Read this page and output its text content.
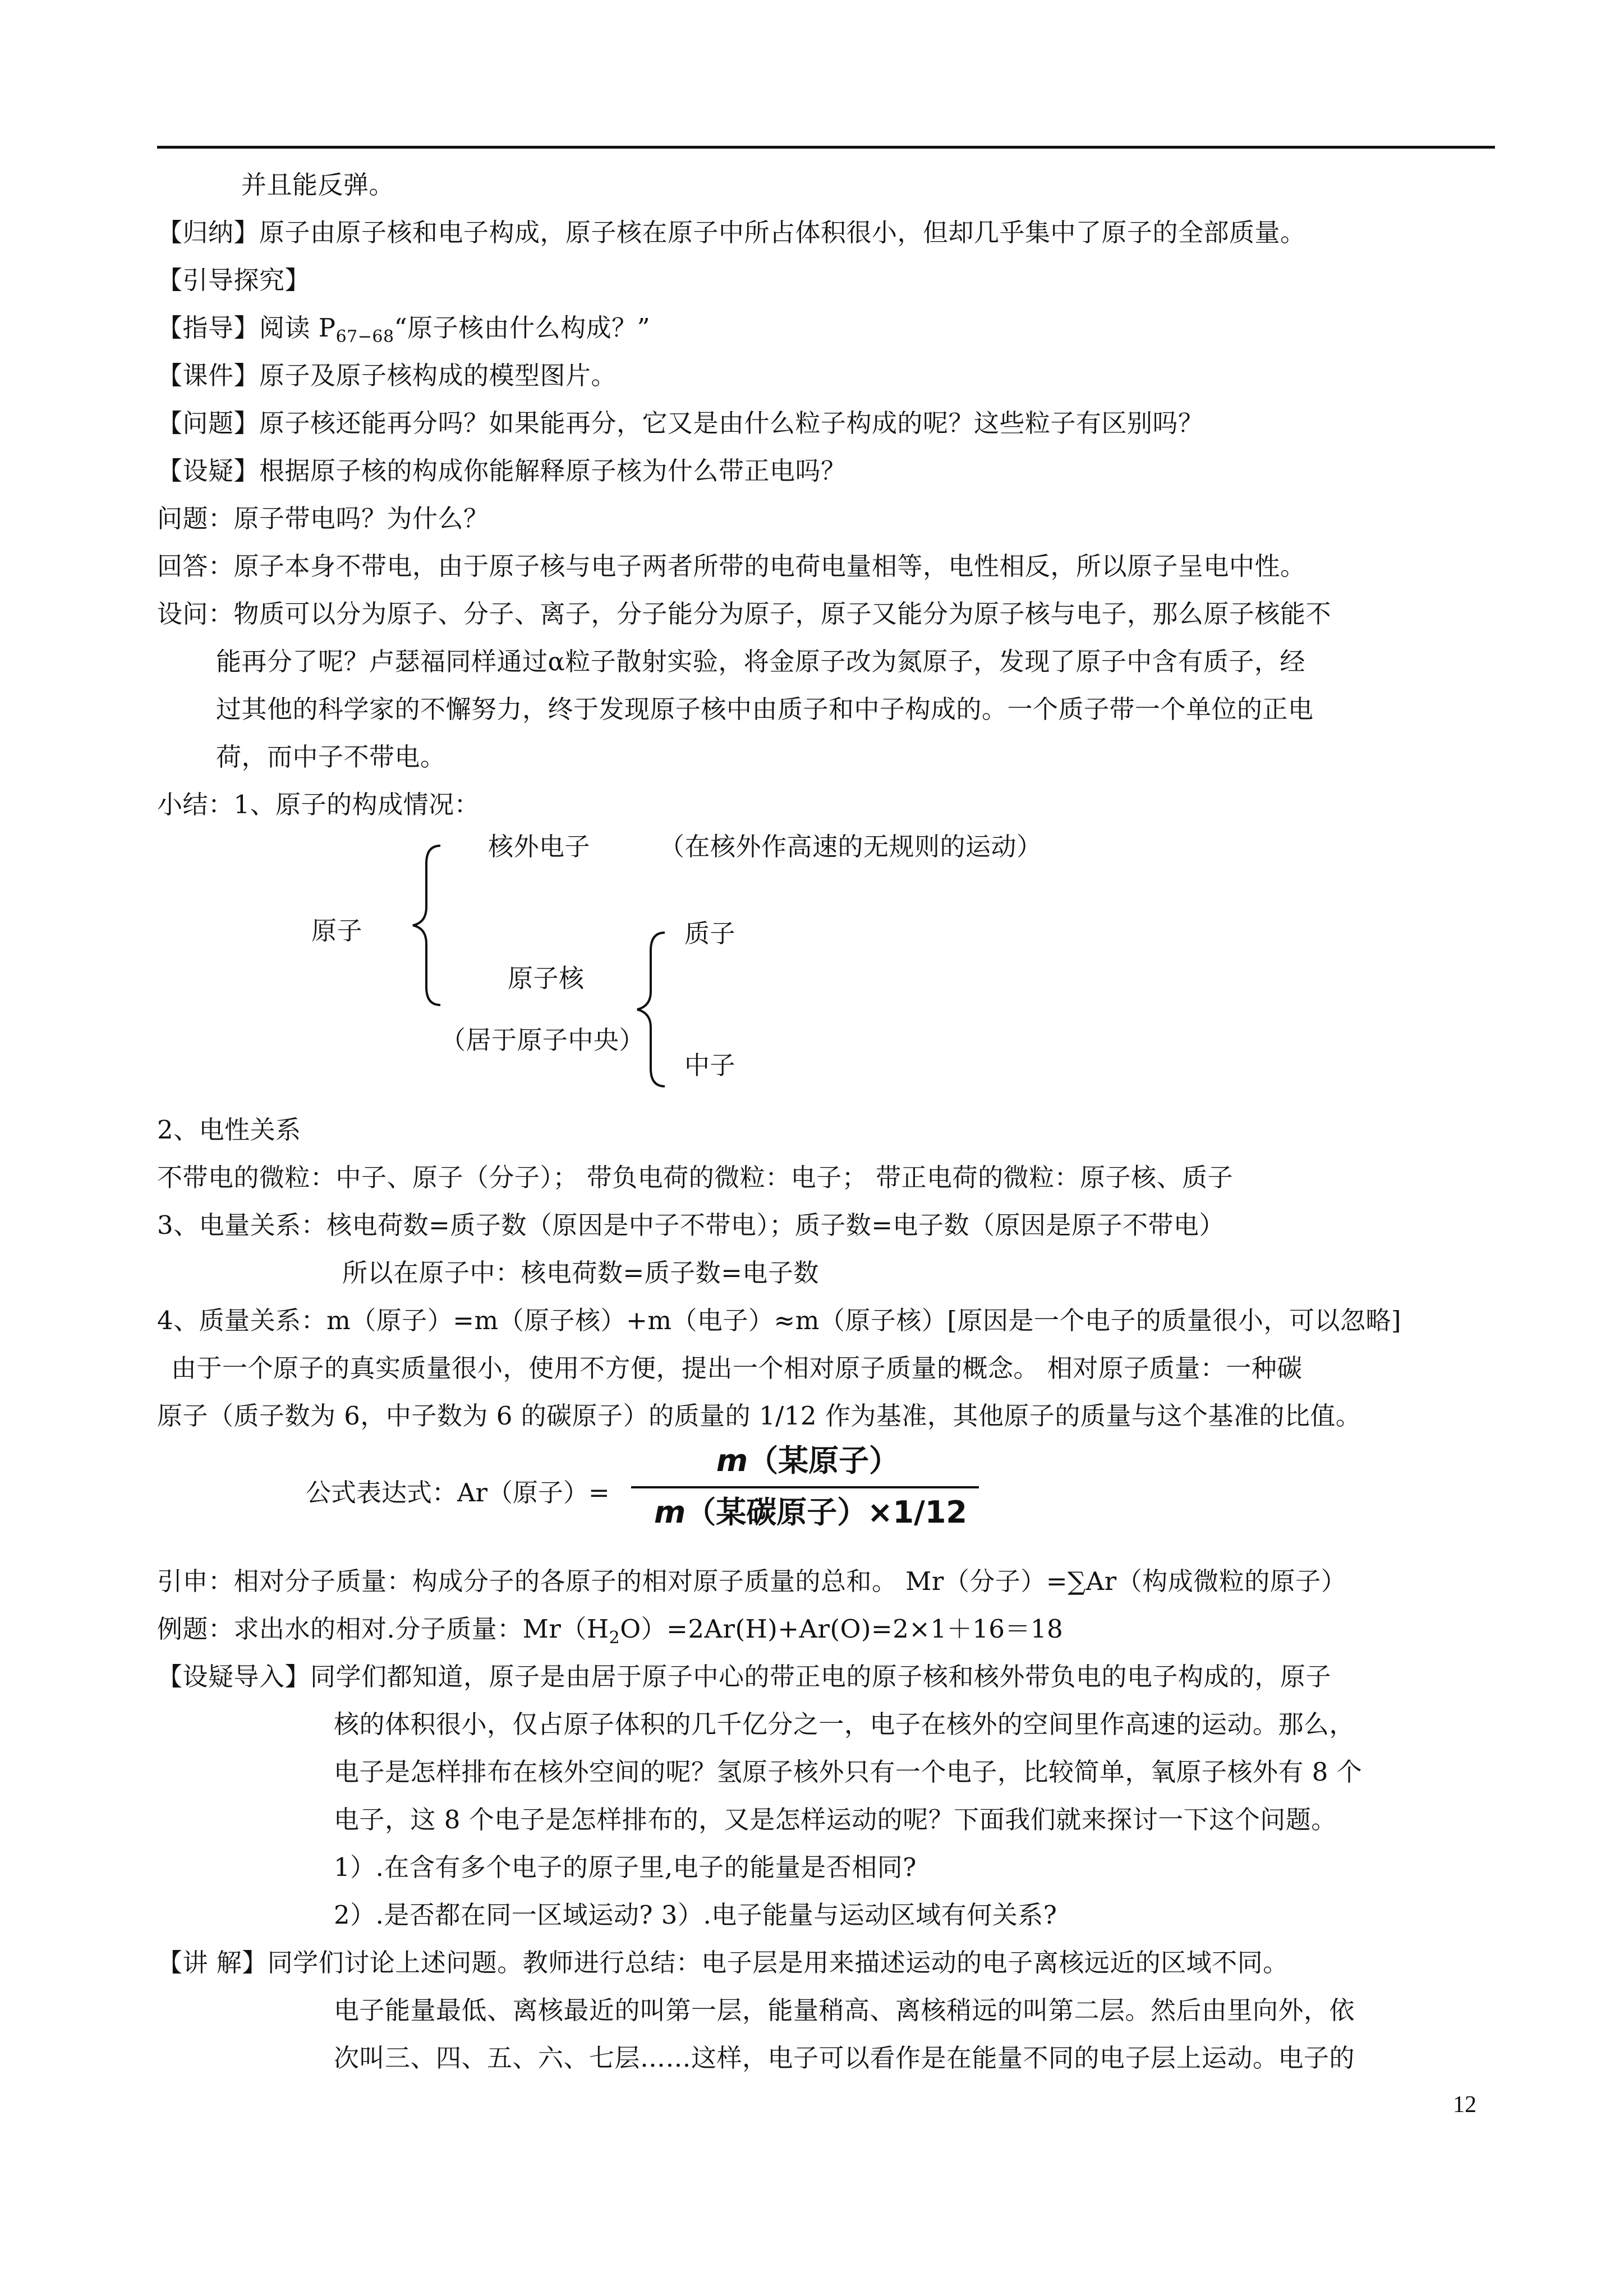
并且能反弹。
【归纳】原子由原子核和电子构成，原子核在原子中所占体积很小，但却几乎集中了原子的全部质量。
【引导探究】
【指导】阅读 $P_{67-68}“$原子核由什么构成？”
【课件】原子及原子核构成的模型图片。
【问题】原子核还能再分吗？如果能再分，它又是由什么粒子构成的呢？这些粒子有区别吗？
【设疑】根据原子核的构成你能解释原子核为什么带正电吗？
问题：原子带电吗？为什么？
回答：原子本身不带电，由于原子核与电子两者所带的电荷电量相等，电性相反，所以原子呈电中性。
设问：物质可以分为原子、分子、离子，分子能分为原子，原子又能分为原子核与电子，那么原子核能不
能再分了呢？卢瑟福同样通过α粒子散射实验，将金原子改为氮原子，发现了原子中含有质子，经
过其他的科学家的不懈努力，终于发现原子核中由质子和中子构成的。一个质子带一个单位的正电
荷，而中子不带电。
小结：1、原子的构成情况：
核外电子	（在核外作高速的无规则的运动）
原子
原子核
（居于原子中央）
质子
中子
2、电性关系
不带电的微粒：中子、原子（分子）； 带负电荷的微粒：电子； 带正电荷的微粒：原子核、质子
3、电量关系：核电荷数=质子数（原因是中子不带电）；质子数=电子数（原因是原子不带电）
所以在原子中：核电荷数=质子数=电子数
4、质量关系：m（原子）=m（原子核）+m（电子）≈m（原子核）[原因是一个电子的质量很小，可以忽略]
由于一个原子的真实质量很小，使用不方便，提出一个相对原子质量的概念。 相对原子质量：一种碳
原子（质子数为 6，中子数为 6 的碳原子）的质量的 1/12 作为基准，其他原子的质量与这个基准的比值。
公式表达式：Ar（原子）=
m（某原子）
m（某碳原子）×1/12
引申：相对分子质量：构成分子的各原子的相对原子质量的总和。 Mr（分子）=∑Ar（构成微粒的原子）
例题：求出水的相对.分子质量：$Mr(H_2O)=2Ar(H)+Ar(O)=2\times 1+16=18$
【设疑导入】同学们都知道，原子是由居于原子中心的带正电的原子核和核外带负电的电子构成的，原子
核的体积很小，仅占原子体积的几千亿分之一，电子在核外的空间里作高速的运动。那么，
电子是怎样排布在核外空间的呢？氢原子核外只有一个电子，比较简单，氧原子核外有 8 个
电子，这 8 个电子是怎样排布的，又是怎样运动的呢？下面我们就来探讨一下这个问题。
1）.在含有多个电子的原子里,电子的能量是否相同?
2）.是否都在同一区域运动? 3）.电子能量与运动区域有何关系?
【讲 解】同学们讨论上述问题。教师进行总结：电子层是用来描述运动的电子离核远近的区域不同。
电子能量最低、离核最近的叫第一层，能量稍高、离核稍远的叫第二层。然后由里向外，依
次叫三、四、五、六、七层……这样，电子可以看作是在能量不同的电子层上运动。电子的
12
